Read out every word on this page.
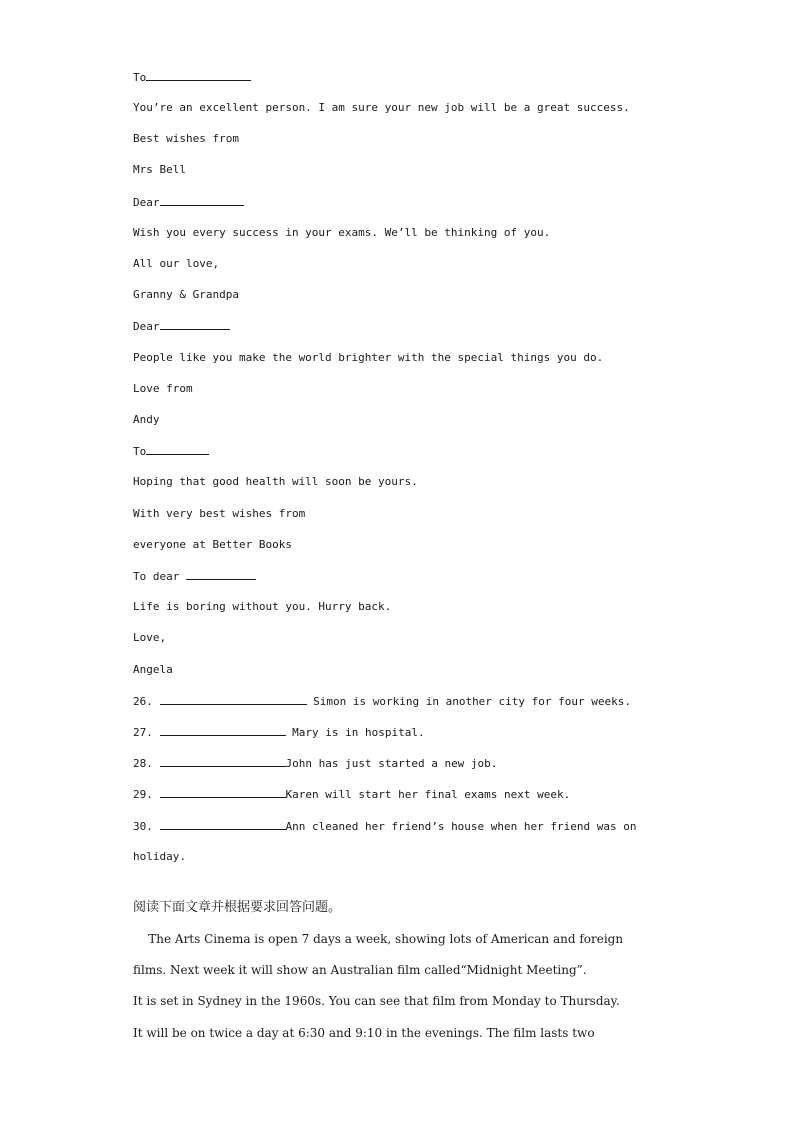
To
You’re an excellent person. I am sure your new job will be a great success.
Best wishes from
Mrs Bell
Dear
Wish you every success in your exams. We’ll be thinking of you.
All our love,
Granny & Grandpa
Dear
People like you make the world brighter with the special things you do.
Love from
Andy
To
Hoping that good health will soon be yours.
With very best wishes from
everyone at Better Books
To dear
Life is boring without you. Hurry back.
Love,
Angela
26.	Simon is working in another city for four weeks.
27.	Mary is in hospital.
28.	John has just started a new job.
29.	Karen will start her final exams next week.
30.	Ann cleaned her friend’s house when her friend was on
holiday.
阅读下面文章并根据要求回答问题。
The Arts Cinema is open 7 days a week, showing lots of American and foreign
films. Next week it will show an Australian film called“Midnight Meeting”.
It is set in Sydney in the 1960s. You can see that film from Monday to Thursday.
It will be on twice a day at 6:30 and 9:10 in the evenings. The film lasts two
